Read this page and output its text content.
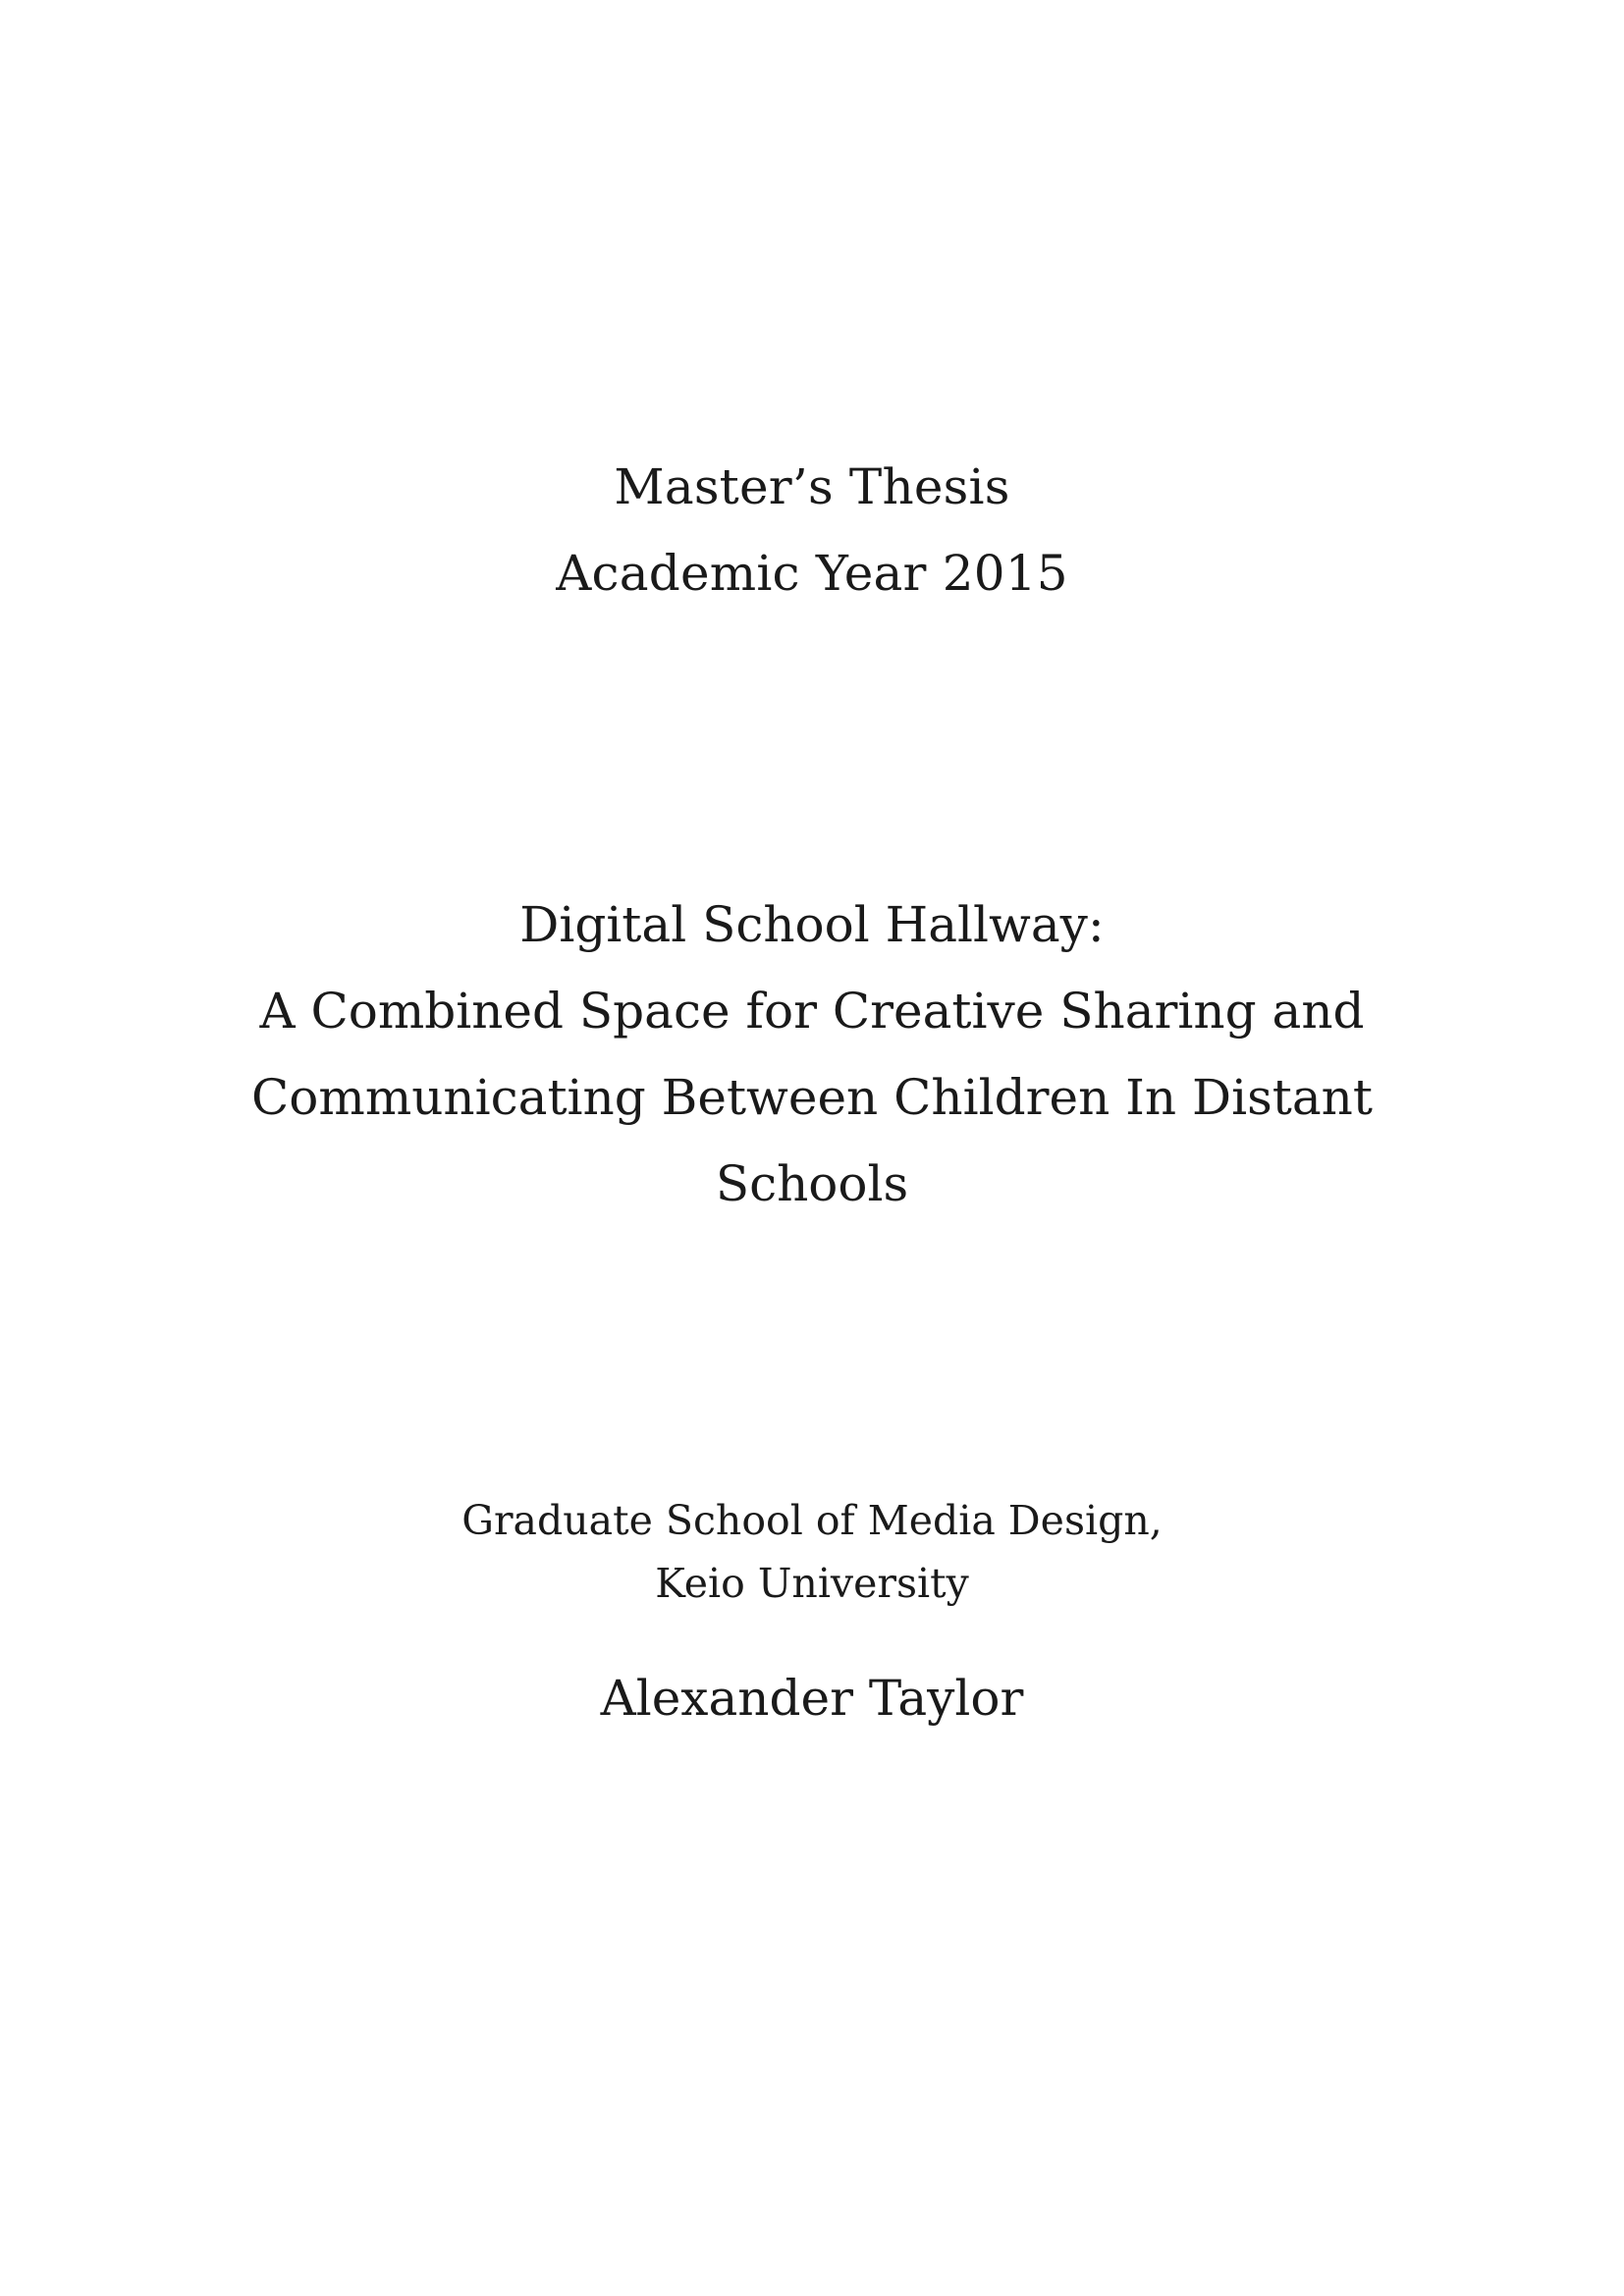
Master’s Thesis
Academic Year 2015
Digital School Hallway:
A Combined Space for Creative Sharing and
Communicating Between Children In Distant
Schools
Graduate School of Media Design,
Keio University
Alexander Taylor
